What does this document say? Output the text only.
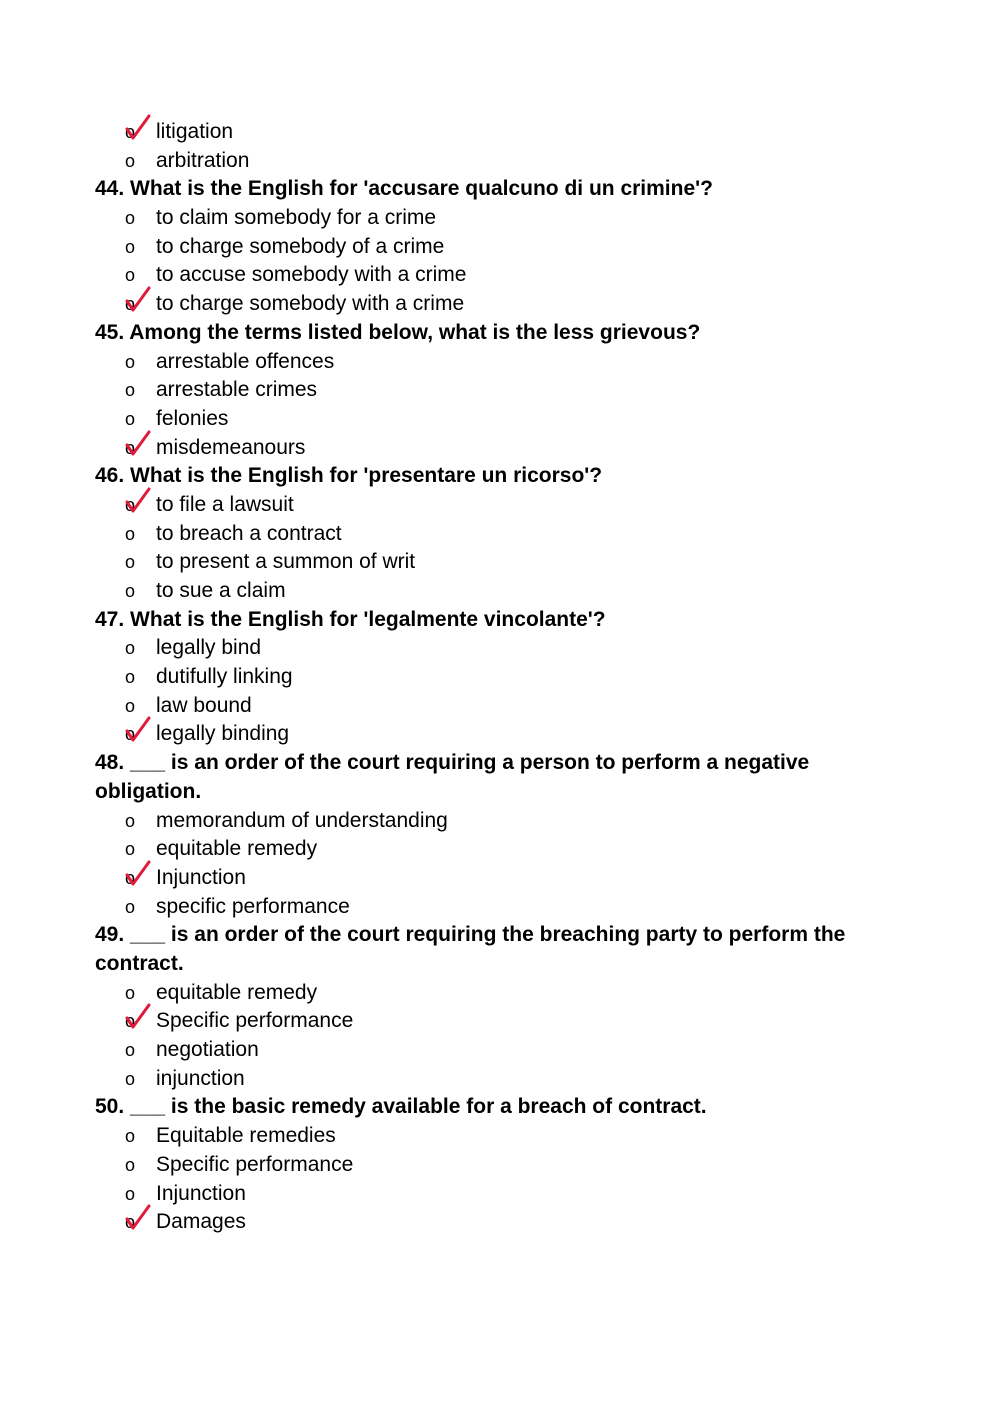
o litigation
o arbitration
44. What is the English for 'accusare qualcuno di un crimine'?
o to claim somebody for a crime
o to charge somebody of a crime
o to accuse somebody with a crime
o to charge somebody with a crime
45. Among the terms listed below, what is the less grievous?
o arrestable offences
o arrestable crimes
o felonies
o misdemeanours
46. What is the English for 'presentare un ricorso'?
o to file a lawsuit
o to breach a contract
o to present a summon of writ
o to sue a claim
47. What is the English for 'legalmente vincolante'?
o legally bind
o dutifully linking
o law bound
o legally binding
48. ___ is an order of the court requiring a person to perform a negative obligation.
o memorandum of understanding
o equitable remedy
o Injunction
o specific performance
49. ___ is an order of the court requiring the breaching party to perform the contract.
o equitable remedy
o Specific performance
o negotiation
o injunction
50. ___ is the basic remedy available for a breach of contract.
o Equitable remedies
o Specific performance
o Injunction
o Damages
